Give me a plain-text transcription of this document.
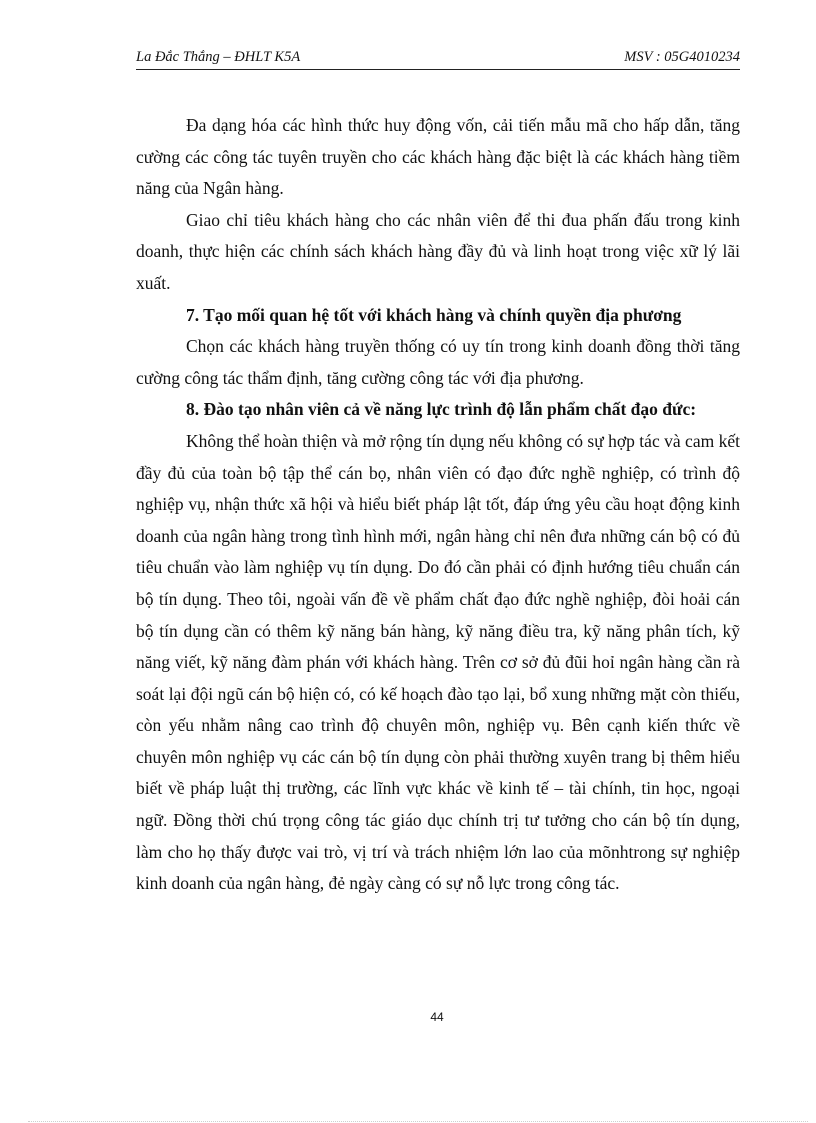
La Đắc Thắng – ĐHLT K5A	MSV : 05G4010234

Đa dạng hóa các hình thức huy động vốn, cải tiến mẫu mã cho hấp dẫn, tăng cường các công tác tuyên truyền cho các khách hàng đặc biệt là các khách hàng tiềm năng của Ngân hàng.

Giao chỉ tiêu khách hàng cho các nhân viên để thi đua phấn đấu trong kinh doanh, thực hiện các chính sách khách hàng đầy đủ và linh hoạt trong việc xữ lý lãi xuất.

7. Tạo mối quan hệ tốt với khách hàng và chính quyền địa phương

Chọn các khách hàng truyền thống có uy tín trong kinh doanh đồng thời tăng cường công tác thẩm định, tăng cường công tác với địa phương.

8. Đào tạo nhân viên cả về năng lực trình độ lẫn phẩm chất đạo đức:

Không thể hoàn thiện và mở rộng tín dụng nếu không có sự hợp tác và cam kết đầy đủ của toàn bộ tập thể cán bọ, nhân viên có đạo đức nghề nghiệp, có trình độ nghiệp vụ, nhận thức xã hội và hiểu biết pháp lật tốt, đáp ứng yêu cầu hoạt động kinh doanh của ngân hàng trong tình hình mới, ngân hàng chỉ nên đưa những cán bộ có đủ tiêu chuẩn vào làm nghiệp vụ tín dụng. Do đó cần phải có định hướng tiêu chuẩn cán bộ tín dụng. Theo tôi, ngoài vấn đề về phẩm chất đạo đức nghề nghiệp, đòi hoải cán bộ tín dụng cần có thêm kỹ năng bán hàng, kỹ năng điều tra, kỹ năng phân tích, kỹ năng viết, kỹ năng đàm phán với khách hàng. Trên cơ sở đủ đũi hoỉ ngân hàng cần rà soát lại đội ngũ cán bộ hiện có, có kế hoạch đào tạo lại, bổ xung những mặt còn thiếu, còn yếu nhằm nâng cao trình độ chuyên môn, nghiệp vụ. Bên cạnh kiến thức về chuyên môn nghiệp vụ các cán bộ tín dụng còn phải thường xuyên trang bị thêm hiểu biết về pháp luật thị trường, các lĩnh vực khác về kinh tế – tài chính, tin học, ngoại ngữ. Đồng thời chú trọng công tác giáo dục chính trị tư tưởng cho cán bộ tín dụng, làm cho họ thấy được vai trò, vị trí và trách nhiệm lớn lao của mõnhtrong sự nghiệp kinh doanh của ngân hàng, đẻ ngày càng có sự nỗ lực trong công tác.

44
